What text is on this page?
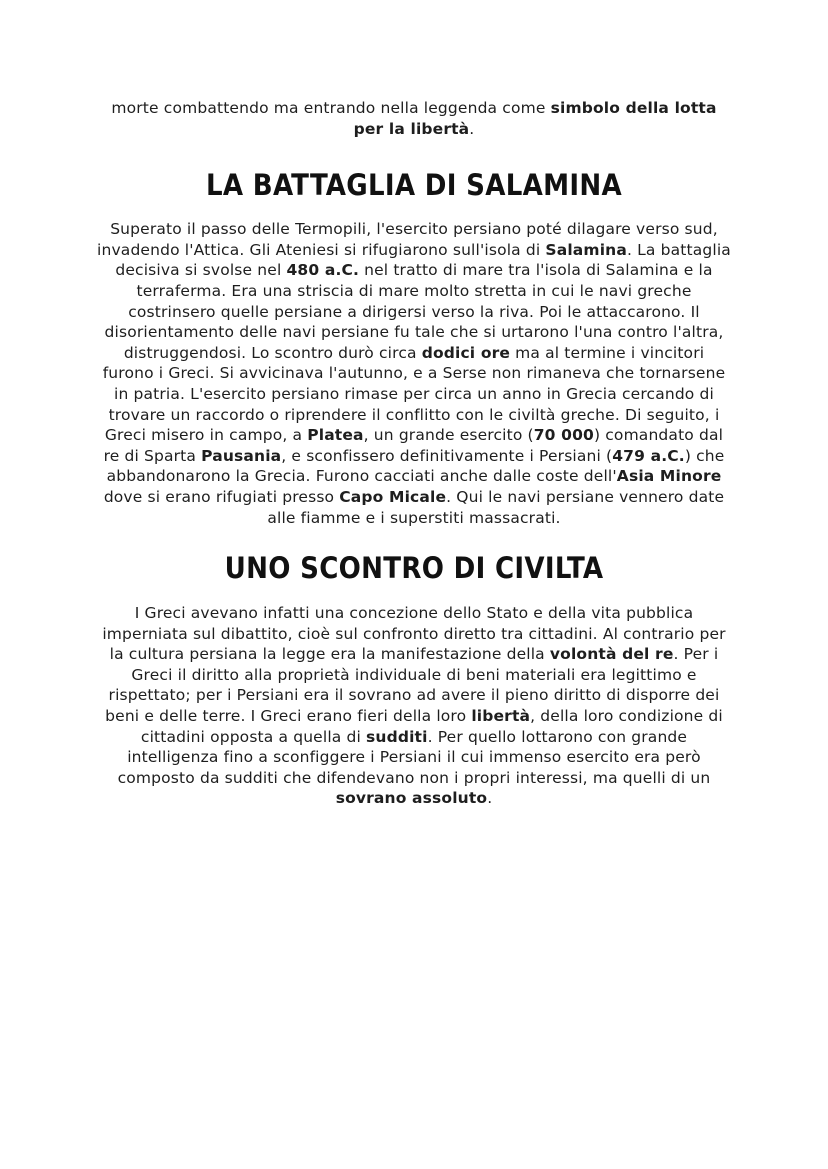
morte combattendo ma entrando nella leggenda come simbolo della lotta per la libertà.

LA BATTAGLIA DI SALAMINA

Superato il passo delle Termopili, l'esercito persiano poté dilagare verso sud, invadendo l'Attica. Gli Ateniesi si rifugiarono sull'isola di Salamina. La battaglia decisiva si svolse nel 480 a.C. nel tratto di mare tra l'isola di Salamina e la terraferma. Era una striscia di mare molto stretta in cui le navi greche costrinsero quelle persiane a dirigersi verso la riva. Poi le attaccarono. Il disorientamento delle navi persiane fu tale che si urtarono l'una contro l'altra, distruggendosi. Lo scontro durò circa dodici ore ma al termine i vincitori furono i Greci. Si avvicinava l'autunno, e a Serse non rimaneva che tornarsene in patria. L'esercito persiano rimase per circa un anno in Grecia cercando di trovare un raccordo o riprendere il conflitto con le civiltà greche. Di seguito, i Greci misero in campo, a Platea, un grande esercito (70 000) comandato dal re di Sparta Pausania, e sconfissero definitivamente i Persiani (479 a.C.) che abbandonarono la Grecia. Furono cacciati anche dalle coste dell'Asia Minore dove si erano rifugiati presso Capo Micale. Qui le navi persiane vennero date alle fiamme e i superstiti massacrati.

UNO SCONTRO DI CIVILTA

I Greci avevano infatti una concezione dello Stato e della vita pubblica imperniata sul dibattito, cioè sul confronto diretto tra cittadini. Al contrario per la cultura persiana la legge era la manifestazione della volontà del re. Per i Greci il diritto alla proprietà individuale di beni materiali era legittimo e rispettato; per i Persiani era il sovrano ad avere il pieno diritto di disporre dei beni e delle terre. I Greci erano fieri della loro libertà, della loro condizione di cittadini opposta a quella di sudditi. Per quello lottarono con grande intelligenza fino a sconfiggere i Persiani il cui immenso esercito era però composto da sudditi che difendevano non i propri interessi, ma quelli di un sovrano assoluto.
